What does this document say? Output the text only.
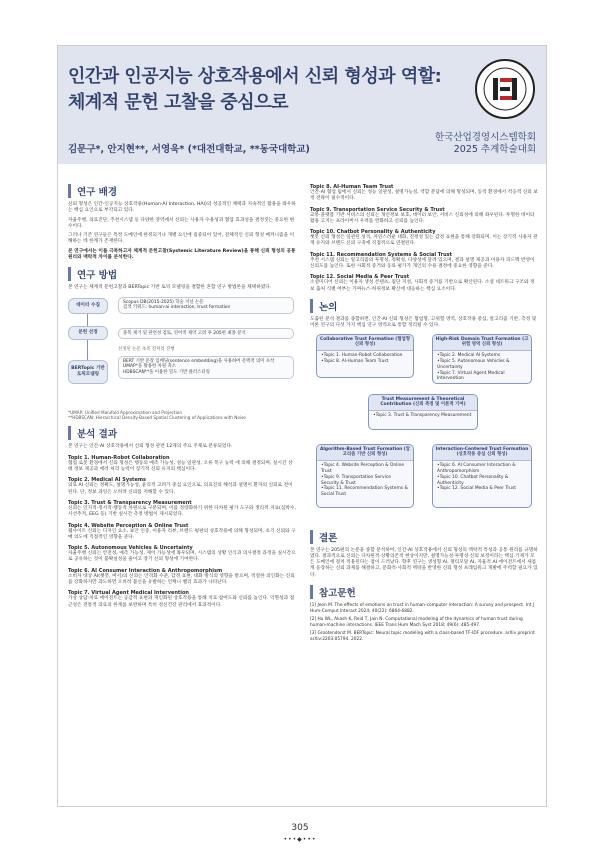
인간과 인공지능 상호작용에서 신뢰 형성과 역할:
체계적 문헌 고찰을 중심으로
김문구*, 안지현**, 서영욱* (*대전대학교, **동국대학교)
한국산업경영시스템학회
2025 추계학술대회
연구 배경
신뢰 형성은 인간-인공지능 상호작용(Human-AI Interaction, HAI)의 성공적인 채택과 지속적인 활용을 좌우하는 핵심 요인으로 부각되고 있다.
자율주행, 의료진단, 추천시스템 등 다양한 영역에서 신뢰는 사용자 수용성과 협업 효과성을 결정짓는 중요한 변수이다.
그러나 기존 연구들은 특정 도메인에 한정되거나 개별 요인에 집중되어 있어, 전체적인 신뢰 형성 메커니즘을 이해하는 데 한계가 존재한다.
본 연구에서는 이를 극복하고자 체계적 문헌고찰(Systemic Literature Review)을 통해 신뢰 형성의 공통 원리와 맥락적 차이를 분석한다.
연구 방법
본 연구는 체계적 문헌고찰과 BERTopic 기반 토픽 모델링을 결합한 혼합 연구 방법론을 채택하였다.
데이터 수집
Scopus DB(2015-2025) 학술 저널 논문
검색 키워드: human-ai interaction, trust formation
문헌 선정	중복 제거 및 관련성 검토, 연어적 제약 고려 후 205편 최종 분석
선정된 논문 초록 전처리 진행
BERTopic 기반 토픽모델링
BERT 기반 문장 임베딩(sentence embedding)을 사용하여 문맥적 의미 포착
UMAP*을 활용한 차원 축소
HDBSCAN**을 이용한 밀도 기반 클러스터링
*UMAP: Unified Manifold Approximation and Projection
**HDBSCAN: Hierarchical Density-Based Spatial Clustering of Applications with Noise
분석 결과
본 연구는 인간-AI 상호작용에서 신뢰 형성 관련 12개의 주요 주제로 분류되었다.
Topic 1. Human-Robot Collaboration
협업 로봇 환경에서 신뢰 형성은 행동의 예측 가능성, 성능 일관성, 오류 복구 능력 에 의해 결정되며, 실시간 상태 정보 제공과 에러 처리 능력이 장기적 신뢰 유지의 핵심이다.
Topic 2. Medical AI Systems
의료 AI 신뢰는 정확도, 설명가능성, 윤리적 고려가 중심 요인으로, 의료진의 해석과 설명이 환자의 신뢰로 전이된다. 단, 정보 과잉은 오히려 신뢰를 저해할 수 있다.
Topic 3. Trust & Transparency Measurement
신뢰는 인지적·정서적·행동적 차원으로 구분되며, 이를 정량화하기 위한 다차원 평가 도구와 생리적 지표(심박수, 시선추적, EEG 등) 기반 실시간 측정 방법이 제시되었다.
Topic 4. Website Perception & Online Trust
웹사이트 신뢰는 디자인 요소, 보안 인증, 이용자 리뷰, 브랜드 평판의 상호작용에 의해 형성되며, 초기 신뢰와 구매 의도에 직접적인 영향을 준다.
Topic 5. Autonomous Vehicles & Uncertainty
자율주행 신뢰는 안전성, 예측 가능성, 제어 가능성에 좌우되며, 시스템의 상황 인식과 의사결정 과정을 실시간으로 공유하는 것이 불확실성을 줄이고 장기 신뢰 형성에 기여한다.
Topic 6. AI Consumer Interaction & Anthropomorphism
소비자 대상 AI(챗봇, 버서)의 신뢰는 인격화 수준, 감정 표현, 대화 방식의 영향을 받으며, 적절한 의인화는 신뢰를 강화하지만 과도하면 오히려 불신을 유발하는 언캐니 밸리 효과가 나타난다.
Topic 7. Virtual Agent Medical Intervention
가상 상담·치료 에이전트는 공감적 표현과 개인화된 상호작용을 통해 치료 참여도와 신뢰를 높인다. 익명성과 접근성은 전통적 의료의 한계를 보완하며 특히 정신건강 관리에서 효과적이다.
Topic 8. AI-Human Team Trust
인간-AI 협업 팀에서 신뢰는 성능 일관성, 설명가능성, 역할 분담에 의해 형성되며, 동적 환경에서 적응적 신뢰 보정 전략이 필수적이다.
Topic 9. Transportation Service Security & Trust
교통·플랫폼 기반 서비스의 신뢰는 개인정보 보호, 데이터 보안, 서비스 신뢰성에 의해 좌우된다. 투명한 데이터 활용 고지는 프라이버시 우려를 완화하고 신뢰를 높인다.
Topic 10. Chatbot Personality & Authenticity
챗봇 신뢰 형성은 일관된 성격, 자연스러운 대화, 진정성 있는 감정 표현을 통해 강화되며, 이는 장기적 사용자 관계 유지와 브랜드 신뢰 구축에 직접적으로 연결된다.
Topic 11. Recommendation Systems & Social Trust
추천 시스템 신뢰는 알고리즘의 투명성, 정확성, 다양성에 달려 있으며, 결과 설명 제공과 이용자 피드백 반영이 신뢰도를 높인다. 또한 사회적 증거와 동료 평가가 개인의 수용 결정에 중요한 영향을 준다.
Topic 12. Social Media & Peer Trust
소셜미디어 신뢰는 이용자 생성 콘텐츠, 집단 지성, 사회적 증거를 기반으로 확산된다. 소셜 네트워크 구조와 정보 출처 식별 여부는 가짜뉴스·허위정보 확산에 대응하는 핵심 요소이다.
논의
도출된 분석 결과를 종합하면, 인간-AI 신뢰 형성은 협업형, 고위험 영역, 상호작용 중심, 알고리즘 기반, 측정 및 이론 연구의 다섯 가지 핵심 연구 영역으로 통합 정리될 수 있다.
Collaborative Trust Formation (협업형 신뢰 형성)
• Topic 1. Human-Robot Collaboration
• Topic 8. AI-Human Team Trust
High-Risk Domain Trust Formation (고위험 영역 신뢰 형성)
• Topic 2. Medical AI Systems
• Topic 5. Autonomous Vehicles & Uncertainty
• Topic 7. Virtual Agent Medical Intervention
Trust Measurement & Theoretical Contribution (신뢰 측정 및 이론적 기여)
• Topic 3. Trust & Transparency Measurement
Algorithm-Based Trust Formation (알고리즘 기반 신뢰 형성)
• Topic 4. Website Perception & Online Trust
• Topic 9. Transportation Service Security & Trust
• Topic 11. Recommendation Systems & Social Trust
Interaction-Centered Trust Formation (상호작용 중심 신뢰 형성)
• Topic 6. AI Consumer Interaction & Anthropomorphism
• Topic 10. Chatbot Personality & Authenticity
• Topic 12. Social Media & Peer Trust
결론
본 연구는 205편의 논문을 종합 분석하여, 인간-AI 상호작용에서 신뢰 형성의 맥락적 특성과 공통 원리를 규명하였다. 결과적으로 신뢰는 다차원적·상황의존적 현상이지만, 설명가능성·투명성·신뢰 보정이라는 핵심 기제가 모든 도메인에 걸쳐 적용된다는 점이 드러났다. 향후 연구는 생성형 AI, 멀티모달 AI, 자율적 AI 에이전트에서 새롭게 등장하는 신뢰 과제를 해결하고, 문화적·사회적 맥락을 반영한 신뢰 형성 프레임워크 개발에 주력할 필요가 있다.
참고문헌
[1] Jeon M. The effects of emotions on trust in human-computer interaction: A survey and prospect. Int J Hum-Comput Interact 2024; 40(22): 6864-6882.
[2] Hu WL, Akash K, Reid T, Jain N. Computational modeling of the dynamics of human trust during human-machine interactions. IEEE Trans Hum Mach Syst 2018; 49(6): 485-497.
[3] Grootendorst M. BERTopic: Neural topic modeling with a class-based TF-IDF procedure. arXiv preprint arXiv:2203.05794. 2022.
305
•••◆•••
